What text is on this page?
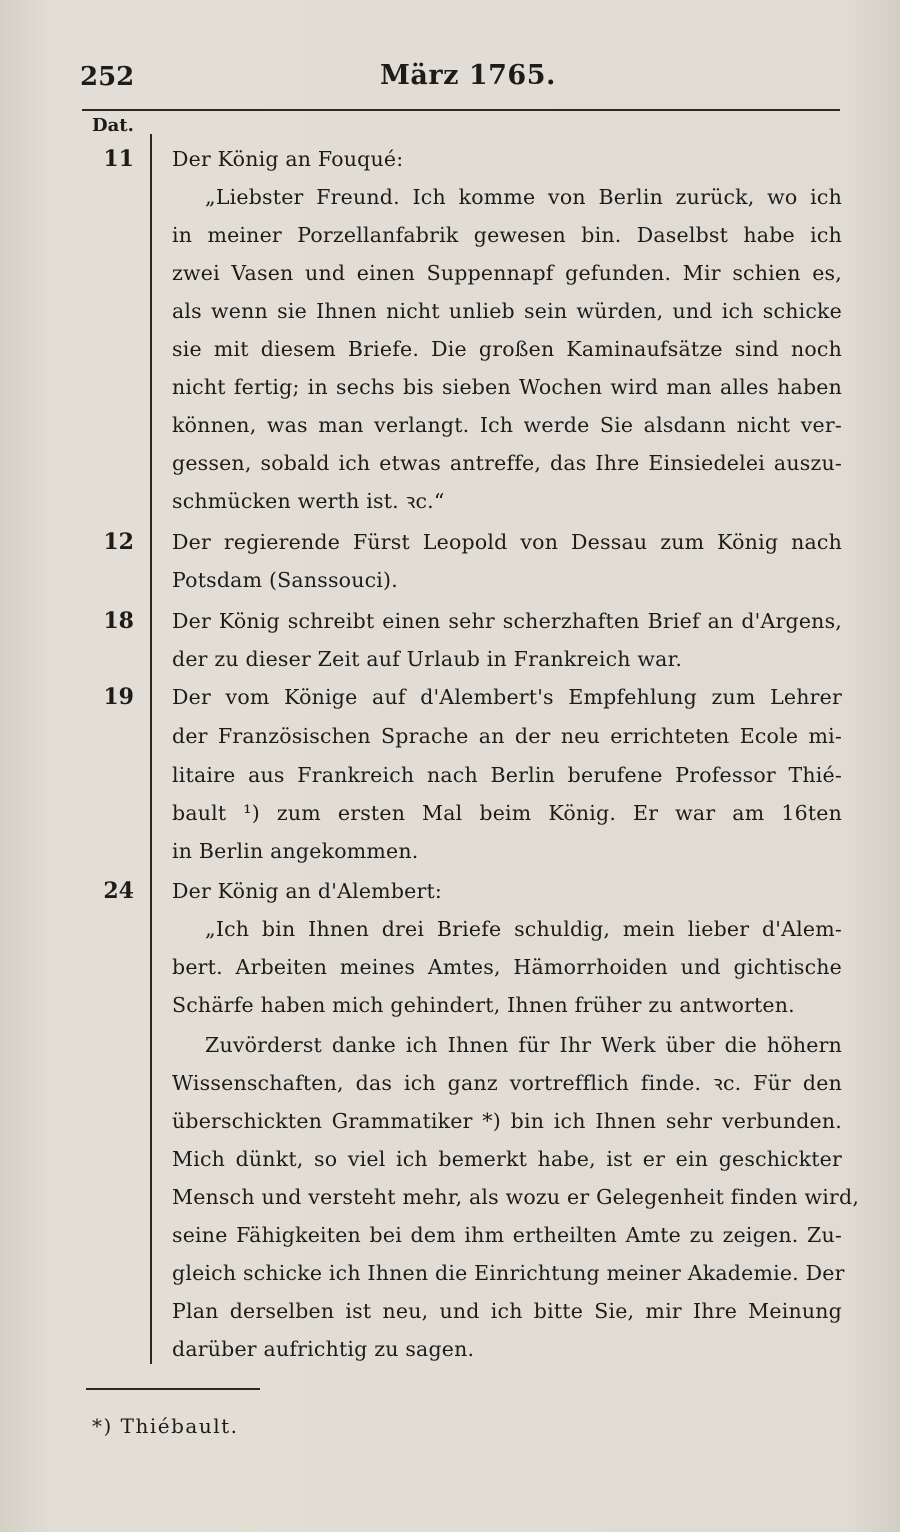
252	März 1765.
Dat.
11 Der König an Fouqué:
„Liebster Freund. Ich komme von Berlin zurück, wo ich
in meiner Porzellanfabrik gewesen bin. Daselbst habe ich
zwei Vasen und einen Suppennapf gefunden. Mir schien es,
als wenn sie Ihnen nicht unlieb sein würden, und ich schicke
sie mit diesem Briefe. Die großen Kaminaufsätze sind noch
nicht fertig; in sechs bis sieben Wochen wird man alles haben
können, was man verlangt. Ich werde Sie alsdann nicht ver-
gessen, sobald ich etwas antreffe, das Ihre Einsiedelei auszu-
schmücken werth ist. ꝛc.“
12 Der regierende Fürst Leopold von Dessau zum König nach
Potsdam (Sanssouci).
18 Der König schreibt einen sehr scherzhaften Brief an d'Argens,
der zu dieser Zeit auf Urlaub in Frankreich war.
19 Der vom Könige auf d'Alembert's Empfehlung zum Lehrer
der Französischen Sprache an der neu errichteten Ecole mi-
litaire aus Frankreich nach Berlin berufene Professor Thié-
bault ¹) zum ersten Mal beim König. Er war am 16ten
in Berlin angekommen.
24 Der König an d'Alembert:
„Ich bin Ihnen drei Briefe schuldig, mein lieber d'Alem-
bert. Arbeiten meines Amtes, Hämorrhoiden und gichtische
Schärfe haben mich gehindert, Ihnen früher zu antworten.
Zuvörderst danke ich Ihnen für Ihr Werk über die höhern
Wissenschaften, das ich ganz vortrefflich finde. ꝛc. Für den
überschickten Grammatiker *) bin ich Ihnen sehr verbunden.
Mich dünkt, so viel ich bemerkt habe, ist er ein geschickter
Mensch und versteht mehr, als wozu er Gelegenheit finden wird,
seine Fähigkeiten bei dem ihm ertheilten Amte zu zeigen. Zu-
gleich schicke ich Ihnen die Einrichtung meiner Akademie. Der
Plan derselben ist neu, und ich bitte Sie, mir Ihre Meinung
darüber aufrichtig zu sagen.
*) Thiébault.
